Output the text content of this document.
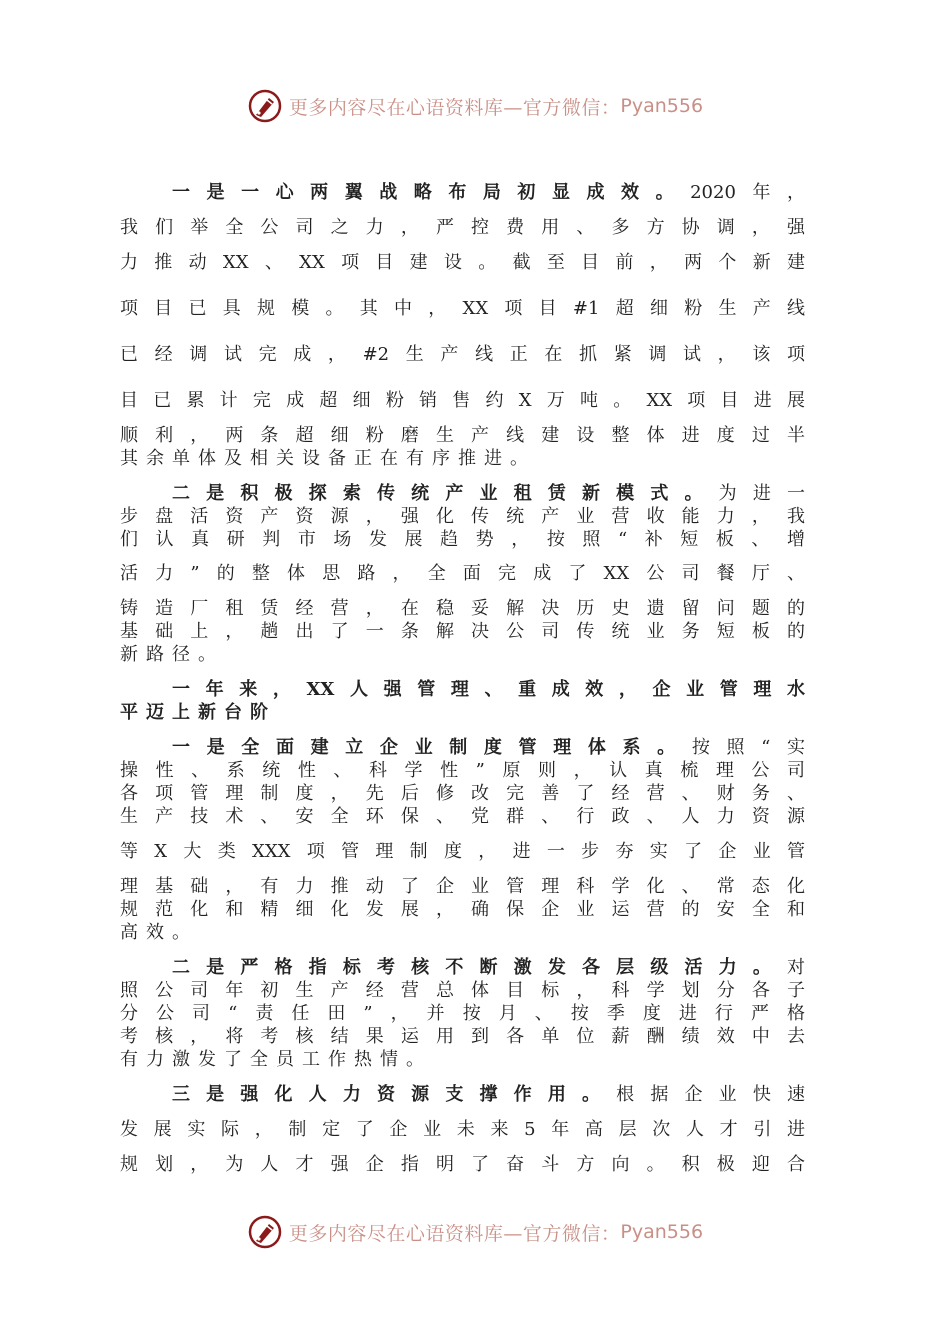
更多内容尽在心语资料库—官方微信： Pyan556
一是一心两翼战略布局初显成效。2020年，
我们举全公司之力，严控费用、多方协调，强
力推动XX、XX项目建设。截至目前，两个新建
项目已具规模。其中，XX项目#1超细粉生产线
已经调试完成，#2生产线正在抓紧调试，该项
目已累计完成超细粉销售约X万吨。XX项目进展
顺利，两条超细粉磨生产线建设整体进度过半
其余单体及相关设备正在有序推进。
二是积极探索传统产业租赁新模式。为进一
步盘活资产资源，强化传统产业营收能力，我
们认真研判市场发展趋势，按照“补短板、增
活力”的整体思路，全面完成了XX公司餐厅、
铸造厂租赁经营，在稳妥解决历史遗留问题的
基础上，趟出了一条解决公司传统业务短板的
新路径。
一年来，XX人强管理、重成效，企业管理水
平迈上新台阶
一是全面建立企业制度管理体系。按照“实
操性、系统性、科学性”原则，认真梳理公司
各项管理制度，先后修改完善了经营、财务、
生产技术、安全环保、党群、行政、人力资源
等X大类XXX项管理制度，进一步夯实了企业管
理基础，有力推动了企业管理科学化、常态化
规范化和精细化发展，确保企业运营的安全和
高效。
二是严格指标考核不断激发各层级活力。对
照公司年初生产经营总体目标，科学划分各子
分公司“责任田”，并按月、按季度进行严格
考核，将考核结果运用到各单位薪酬绩效中去
有力激发了全员工作热情。
三是强化人力资源支撑作用。根据企业快速
发展实际，制定了企业未来5年高层次人才引进
规划，为人才强企指明了奋斗方向。积极迎合
更多内容尽在心语资料库—官方微信： Pyan556
